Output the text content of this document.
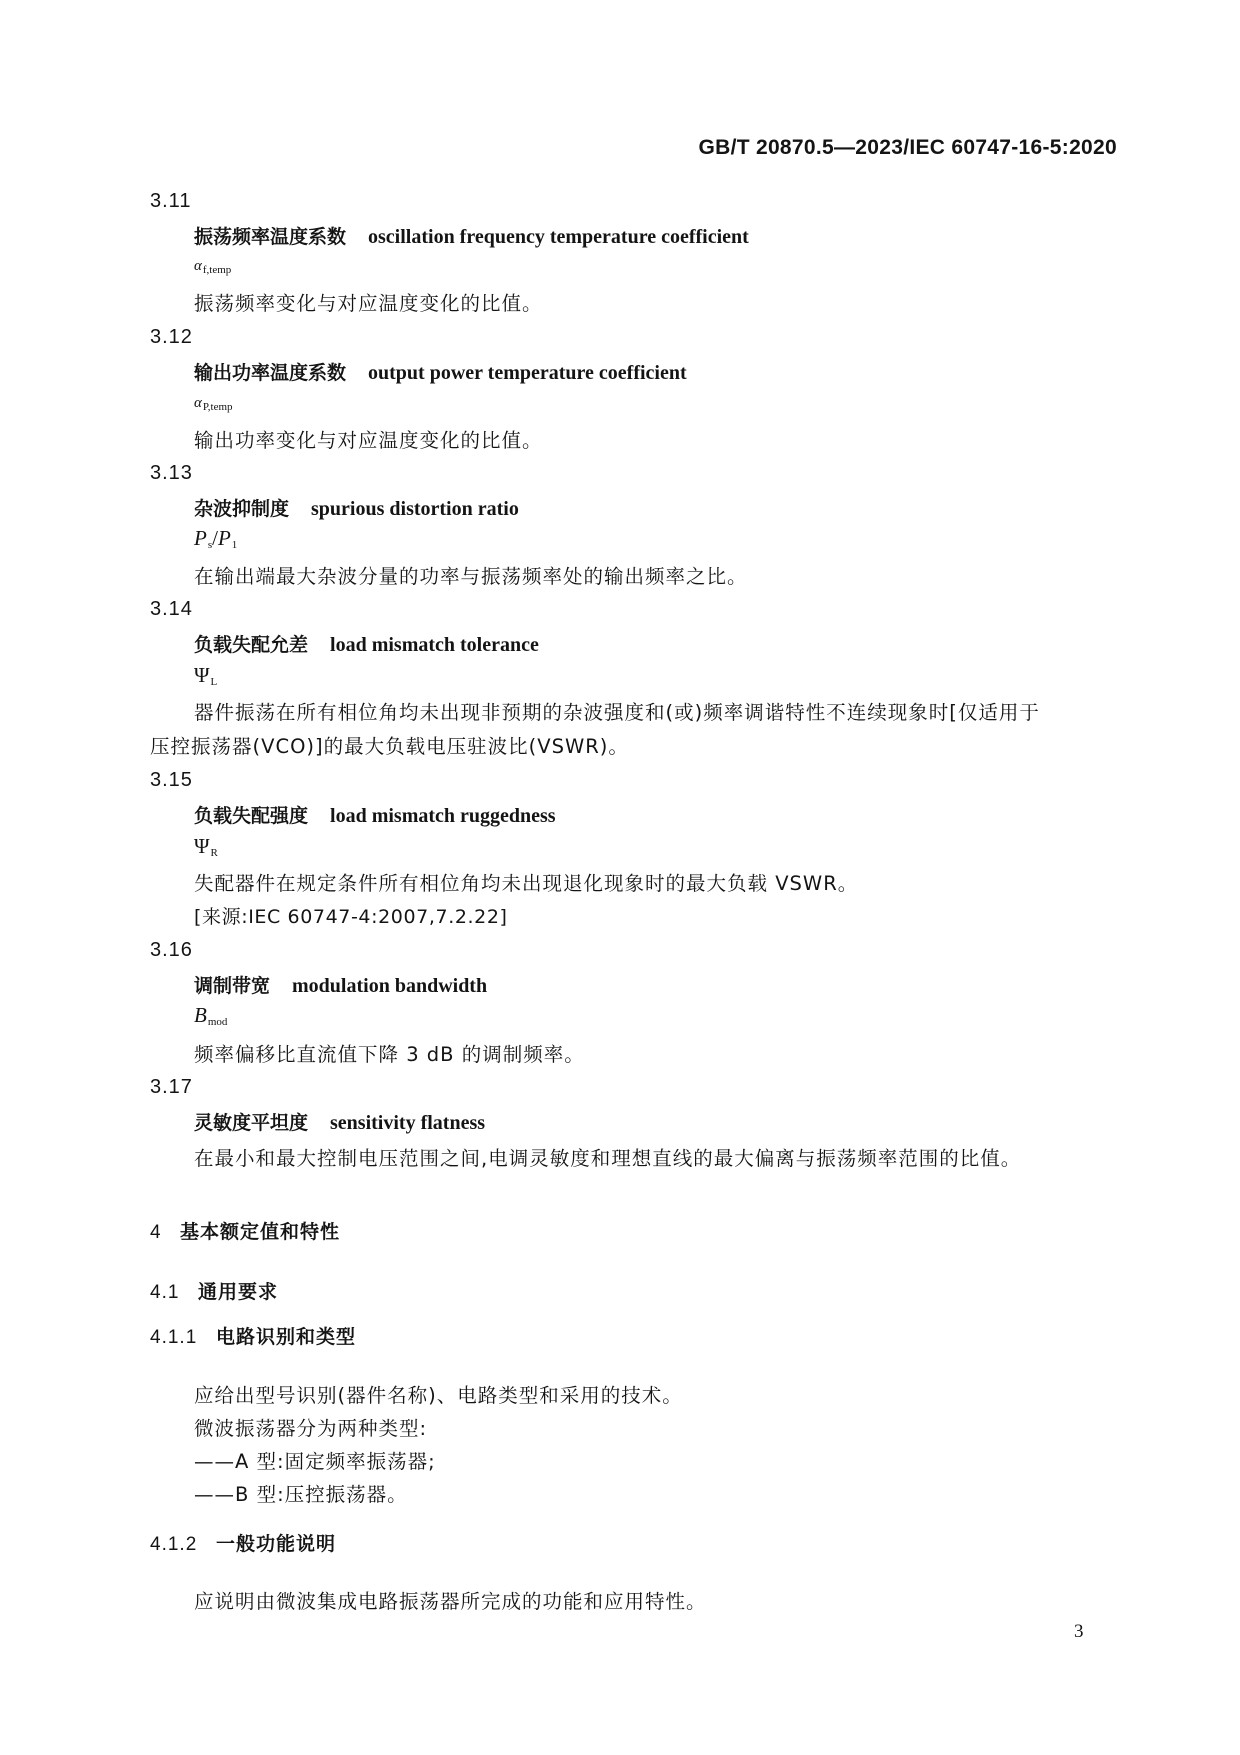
GB/T 20870.5—2023/IEC 60747-16-5:2020
3.11
振荡频率温度系数 oscillation frequency temperature coefficient
$\alpha_{f,temp}$
振荡频率变化与对应温度变化的比值。
3.12
输出功率温度系数 output power temperature coefficient
$\alpha_{P,temp}$
输出功率变化与对应温度变化的比值。
3.13
杂波抑制度 spurious distortion ratio
$P_s/P_1$
在输出端最大杂波分量的功率与振荡频率处的输出频率之比。
3.14
负载失配允差 load mismatch tolerance
$\Psi_L$
器件振荡在所有相位角均未出现非预期的杂波强度和(或)频率调谐特性不连续现象时[仅适用于
压控振荡器(VCO)]的最大负载电压驻波比(VSWR)。
3.15
负载失配强度 load mismatch ruggedness
$\Psi_R$
失配器件在规定条件所有相位角均未出现退化现象时的最大负载 VSWR。
[来源:IEC 60747-4:2007,7.2.22]
3.16
调制带宽 modulation bandwidth
$B_{mod}$
频率偏移比直流值下降 3 dB 的调制频率。
3.17
灵敏度平坦度 sensitivity flatness
在最小和最大控制电压范围之间,电调灵敏度和理想直线的最大偏离与振荡频率范围的比值。
4 基本额定值和特性
4.1 通用要求
4.1.1 电路识别和类型
应给出型号识别(器件名称)、电路类型和采用的技术。
微波振荡器分为两种类型:
——A 型:固定频率振荡器;
——B 型:压控振荡器。
4.1.2 一般功能说明
应说明由微波集成电路振荡器所完成的功能和应用特性。
3
